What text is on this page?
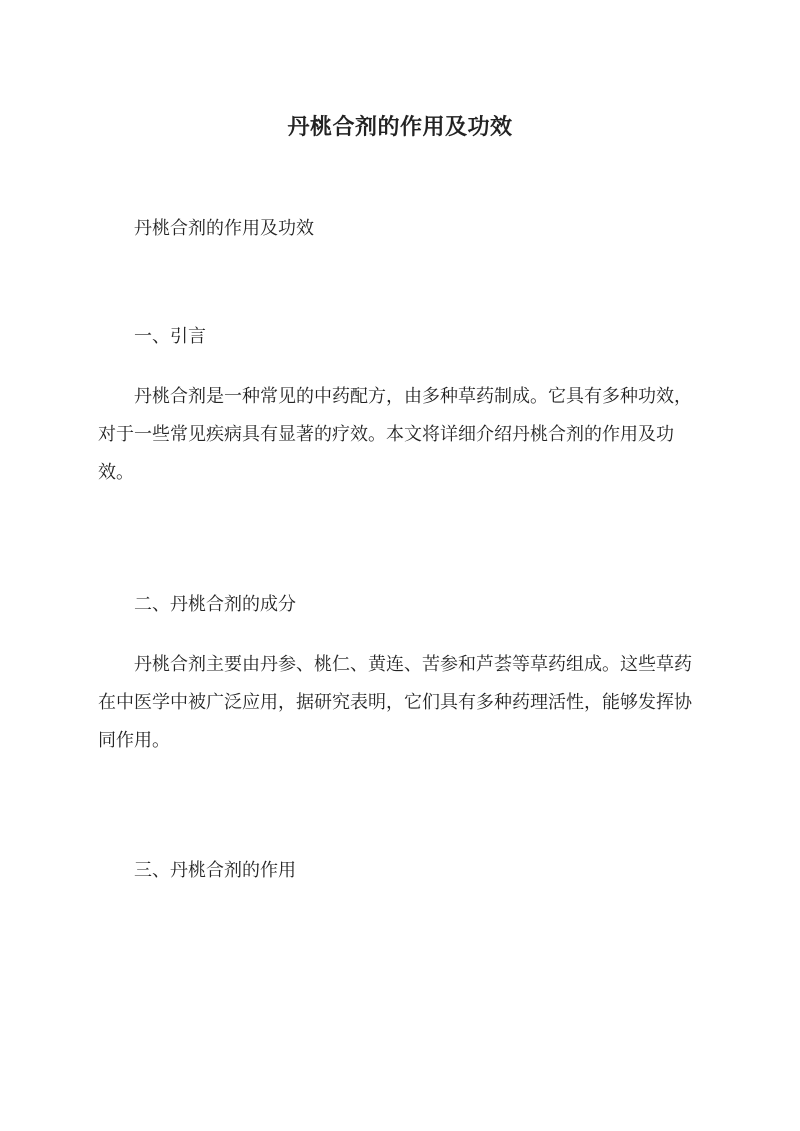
丹桃合剂的作用及功效

丹桃合剂的作用及功效

一、引言

丹桃合剂是一种常见的中药配方，由多种草药制成。它具有多种功效，对于一些常见疾病具有显著的疗效。本文将详细介绍丹桃合剂的作用及功效。

二、丹桃合剂的成分

丹桃合剂主要由丹参、桃仁、黄连、苦参和芦荟等草药组成。这些草药在中医学中被广泛应用，据研究表明，它们具有多种药理活性，能够发挥协同作用。

三、丹桃合剂的作用
